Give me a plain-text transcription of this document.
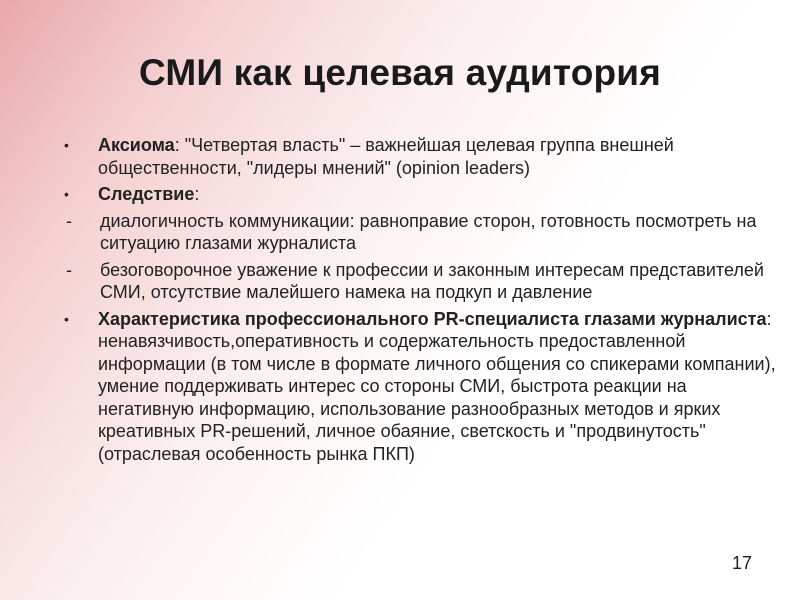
СМИ как целевая аудитория
•	Аксиома: "Четвертая власть" – важнейшая целевая группа внешней общественности, "лидеры мнений" (opinion leaders)
•	Следствие:
-	диалогичность коммуникации: равноправие сторон, готовность посмотреть на ситуацию глазами журналиста
-	безоговорочное уважение к профессии и законным интересам представителей СМИ, отсутствие малейшего намека на подкуп и давление
•	Характеристика профессионального PR-специалиста глазами журналиста: ненавязчивость,оперативность и содержательность предоставленной информации (в том числе в формате личного общения со спикерами компании), умение поддерживать интерес со стороны СМИ, быстрота реакции на негативную информацию, использование разнообразных методов и ярких креативных PR-решений, личное обаяние, светскость и "продвинутость" (отраслевая особенность рынка ПКП)
17
